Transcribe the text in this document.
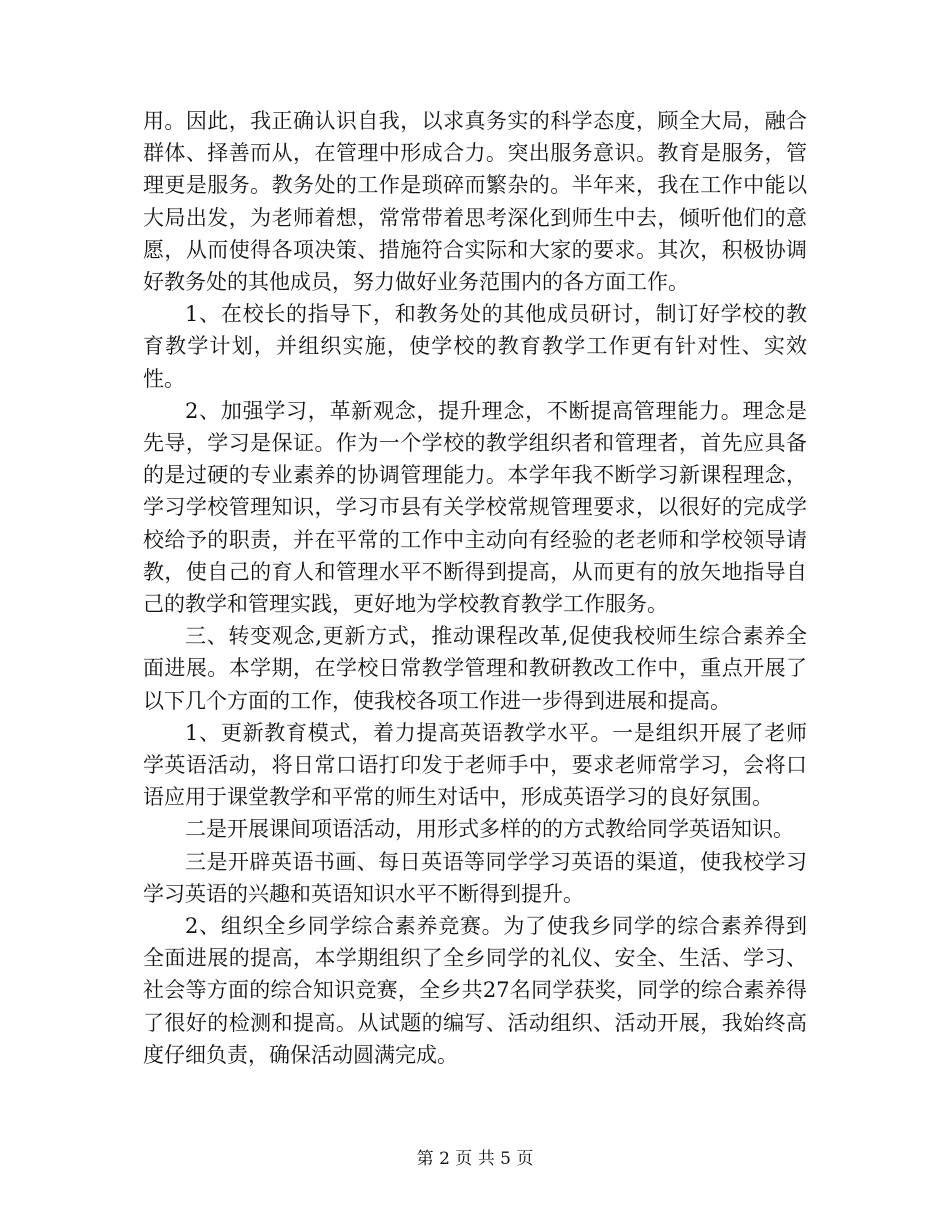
用。因此，我正确认识自我，以求真务实的科学态度，顾全大局，融合群体、择善而从，在管理中形成合力。突出服务意识。教育是服务，管理更是服务。教务处的工作是琐碎而繁杂的。半年来，我在工作中能以大局出发，为老师着想，常常带着思考深化到师生中去，倾听他们的意愿，从而使得各项决策、措施符合实际和大家的要求。其次，积极协调好教务处的其他成员，努力做好业务范围内的各方面工作。

1、在校长的指导下，和教务处的其他成员研讨，制订好学校的教育教学计划，并组织实施，使学校的教育教学工作更有针对性、实效性。

2、加强学习，革新观念，提升理念，不断提高管理能力。理念是先导，学习是保证。作为一个学校的教学组织者和管理者，首先应具备的是过硬的专业素养的协调管理能力。本学年我不断学习新课程理念，学习学校管理知识，学习市县有关学校常规管理要求，以很好的完成学校给予的职责，并在平常的工作中主动向有经验的老老师和学校领导请教，使自己的育人和管理水平不断得到提高，从而更有的放矢地指导自己的教学和管理实践，更好地为学校教育教学工作服务。

三、转变观念,更新方式，推动课程改革,促使我校师生综合素养全面进展。本学期，在学校日常教学管理和教研教改工作中，重点开展了以下几个方面的工作，使我校各项工作进一步得到进展和提高。

1、更新教育模式，着力提高英语教学水平。一是组织开展了老师学英语活动，将日常口语打印发于老师手中，要求老师常学习，会将口语应用于课堂教学和平常的师生对话中，形成英语学习的良好氛围。

二是开展课间项语活动，用形式多样的的方式教给同学英语知识。

三是开辟英语书画、每日英语等同学学习英语的渠道，使我校学习学习英语的兴趣和英语知识水平不断得到提升。

2、组织全乡同学综合素养竞赛。为了使我乡同学的综合素养得到全面进展的提高，本学期组织了全乡同学的礼仪、安全、生活、学习、社会等方面的综合知识竞赛，全乡共27名同学获奖，同学的综合素养得了很好的检测和提高。从试题的编写、活动组织、活动开展，我始终高度仔细负责，确保活动圆满完成。

第 2 页 共 5 页
